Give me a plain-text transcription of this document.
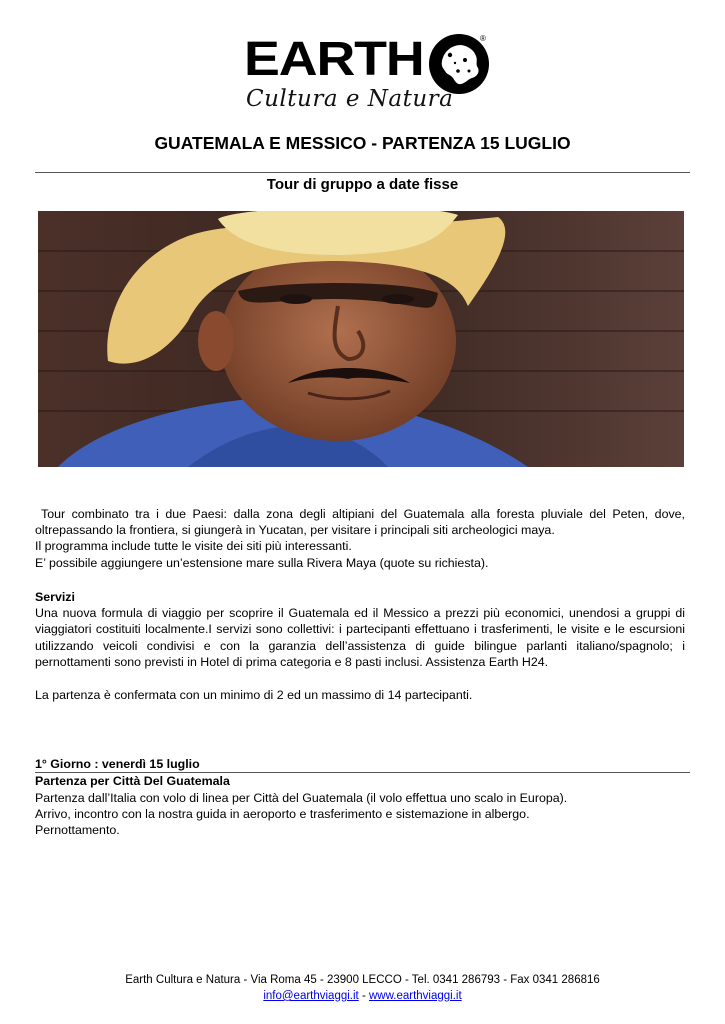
EARTH	®
Cultura e Natura
GUATEMALA E MESSICO - PARTENZA 15 LUGLIO
Tour di gruppo a date fisse
Tour combinato tra i due Paesi: dalla zona degli altipiani del Guatemala alla foresta pluviale del Peten, dove, oltrepassando la frontiera, si giungerà in Yucatan, per visitare i principali siti archeologici maya.
Il programma include tutte le visite dei siti più interessanti.
E’ possibile aggiungere un’estensione mare sulla Rivera Maya (quote su richiesta).
Servizi
Una nuova formula di viaggio per scoprire il Guatemala ed il Messico a prezzi più economici, unendosi a gruppi di viaggiatori costituiti localmente.I servizi sono collettivi: i partecipanti effettuano i trasferimenti, le visite e le escursioni utilizzando veicoli condivisi e con la garanzia dell’assistenza di guide bilingue parlanti italiano/spagnolo; i pernottamenti sono previsti in Hotel di prima categoria e 8 pasti inclusi. Assistenza Earth H24.
La partenza è confermata con un minimo di 2 ed un massimo di 14 partecipanti.
1° Giorno : venerdì 15 luglio
Partenza per Città Del Guatemala
Partenza dall’Italia con volo di linea per Città del Guatemala (il volo effettua uno scalo in Europa).
Arrivo, incontro con la nostra guida in aeroporto e trasferimento e sistemazione in albergo.
Pernottamento.
Earth Cultura e Natura - Via Roma 45 - 23900 LECCO - Tel. 0341 286793 - Fax 0341 286816
info@earthviaggi.it - www.earthviaggi.it
